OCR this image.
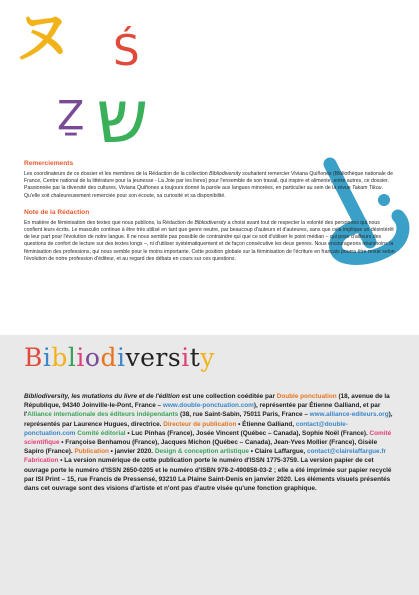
ヌ Ś
Ẕ ש
Remerciements

Les coordinateurs de ce dossier et les membres de la Rédaction de la collection Bibliodiversity souhaitent remercier Viviana Quiñones (Bibliothèque nationale de France, Centre national de la littérature pour la jeunesse - La Joie par les livres) pour l'ensemble de son travail, qui inspire et alimente, entre autres, ce dossier. Passionnée par la diversité des cultures, Viviana Quiñones a toujours donné la parole aux langues minorées, en particulier au sein de la revue Takam Tikou. Qu'elle soit chaleureusement remerciée pour son écoute, sa curiosité et sa disponibilité.

Note de la Rédaction

En matière de féminisation des textes que nous publions, la Rédaction de Bibliodiversity a choisi avant tout de respecter la volonté des personnes qui nous confient leurs écrits. Le masculin continue à être très utilisé en tant que genre neutre, par beaucoup d'auteurs et d'auteures, sans que cela implique un désintérêt de leur part pour l'évolution de notre langue. Il ne nous semble pas possible de contraindre qui que ce soit d'utiliser le point médian – qui pose d'ailleurs des questions de confort de lecture sur des textes longs –, ni d'utiliser systématiquement et de façon consécutive les deux genres. Nous encourageons néanmoins la féminisation des professions, qui nous semble pour le moins importante. Cette position globale sur la féminisation de l'écriture en français pourra être revue selon l'évolution de notre profession d'éditeur, et au regard des débats en cours sur ces questions.

Bibliodiversity
Bibliodiversity, les mutations du livre et de l'édition est une collection coéditée par Double ponctuation (18, avenue de la République, 94340 Joinville-le-Pont, France – www.double-ponctuation.com), représentée par Étienne Galliand, et par l'Alliance internationale des éditeurs indépendants (38, rue Saint-Sabin, 75011 Paris, France – www.alliance-editeurs.org), représentés par Laurence Hugues, directrice. Directeur de publication • Étienne Galliand, contact@double-ponctuation.com Comité éditorial • Luc Pinhas (France), Josée Vincent (Québec – Canada), Sophie Noël (France). Comité scientifique • Françoise Benhamou (France), Jacques Michon (Québec – Canada), Jean-Yves Mollier (France), Gisèle Sapiro (France). Publication • janvier 2020. Design & conception artistique • Claire Laffargue, contact@clairelaffargue.fr Fabrication • La version numérique de cette publication porte le numéro d'ISSN 1775-3759. La version papier de cet ouvrage porte le numéro d'ISSN 2650-0205 et le numéro d'ISBN 978-2-490858-03-2 ; elle a été imprimée sur papier recyclé par ISI Print – 15, rue Francis de Pressensé, 93210 La Plaine Saint-Denis en janvier 2020. Les éléments visuels présentés dans cet ouvrage sont des visions d'artiste et n'ont pas d'autre visée qu'une fonction graphique.
